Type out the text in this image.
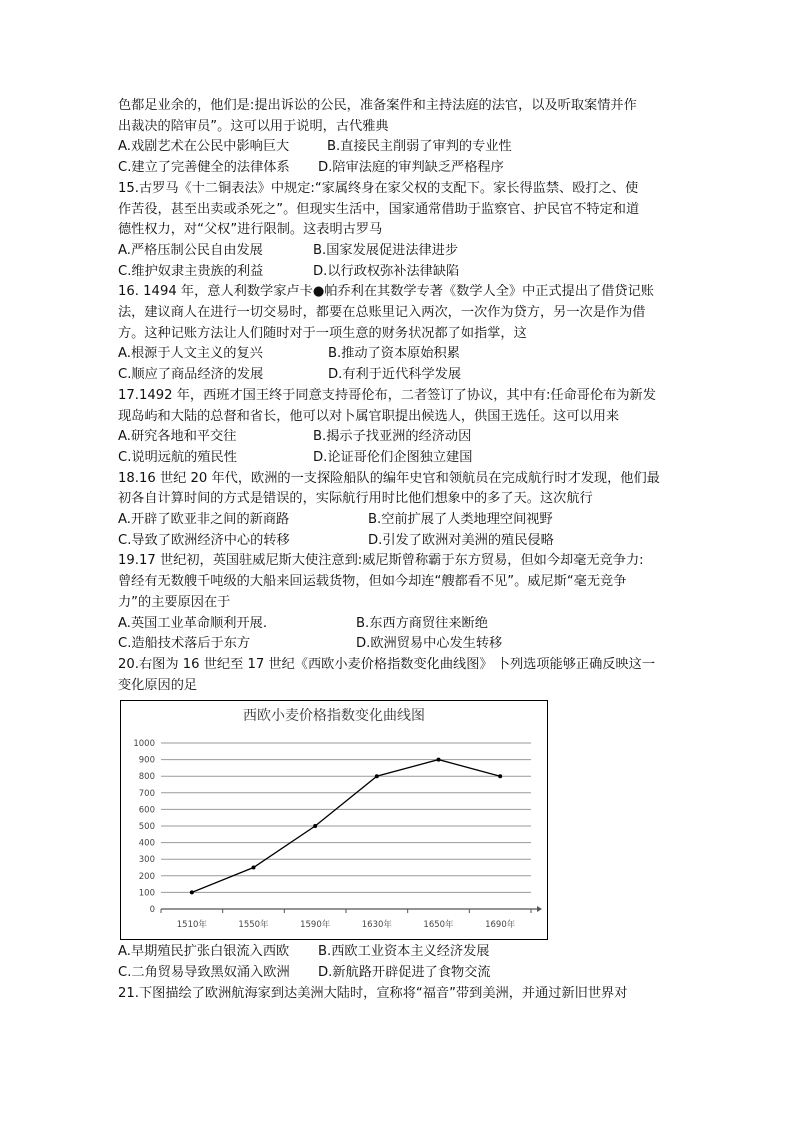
色都足业余的，他们是:提出诉讼的公民，准备案件和主持法庭的法官，以及听取案情并作
出裁决的陪审员”。这可以用于说明，古代雅典
A.戏剧艺术在公民中影响巨大	B.直接民主削弱了审判的专业性
C.建立了完善健全的法律体系	D.陪审法庭的审判缺乏严格程序
15.古罗马《十二铜表法》中规定:“家属终身在家父权的支配下。家长得监禁、殴打之、使
作苦役，甚至出卖或杀死之”。但现实生活中，国家通常借助于监察官、护民官不特定和道
德性权力，对“父权”进行限制。这表明古罗马
A.严格压制公民自由发展	B.国家发展促进法律进步
C.维护奴隶主贵族的利益	D.以行政权弥补法律缺陷
16. 1494 年，意人利数学家卢卡●帕乔利在其数学专著《数学人全》中正式提出了借贷记账
法，建议商人在进行一切交易时，都要在总账里记入两次，一次作为贷方，另一次是作为借
方。这种记账方法让人们随时对于一项生意的财务状况都了如指掌，这
A.根源于人文主义的复兴	B.推动了资本原始积累
C.顺应了商品经济的发展	D.有利于近代科学发展
17.1492 年，西班才国王终于同意支持哥伦布，二者签订了协议，其中有:任命哥伦布为新发
现岛屿和大陆的总督和省长，他可以对卜属官职提出候选人，供国王选任。这可以用来
A.研究各地和平交往	B.揭示子找亚洲的经济动因
C.说明远航的殖民性	D.论证哥伦们企图独立建国
18.16 世纪 20 年代，欧洲的一支探险船队的编年史官和领航员在完成航行时才发现，他们最
初各自计算时间的方式是错误的，实际航行用时比他们想象中的多了天。这次航行
A.开辟了欧亚非之间的新商路	B.空前扩展了人类地理空间视野
C.导致了欧洲经济中心的转移	D.引发了欧洲对美洲的殖民侵略
19.17 世纪初，英国驻威尼斯大使注意到:威尼斯曾称霸于东方贸易，但如今却毫无竞争力:
曾经有无数艘千吨级的大船来回运载货物，但如今却连“艘都看不见”。威尼斯“毫无竞争
力”的主要原因在于
A.英国工业革命顺利开展.	B.东西方商贸往来断绝
C.造船技术落后于东方	D.欧洲贸易中心发生转移
20.右图为 16 世纪至 17 世纪《西欧小麦价格指数变化曲线图》 卜列选项能够正确反映这一
变化原因的足
西欧小麦价格指数变化曲线图
0
100
200
300
400
500
600
700
800
900
1000
1510年	1550年	1590年	1630年	1650年	1690年
A.早期殖民扩张白银流入西欧	B.西欧工业资本主义经济发展
C.二角贸易导致黑奴涌入欧洲	D.新航路开辟促进了食物交流
21.下图描绘了欧洲航海家到达美洲大陆时，宣称将“福音”带到美洲，并通过新旧世界对
